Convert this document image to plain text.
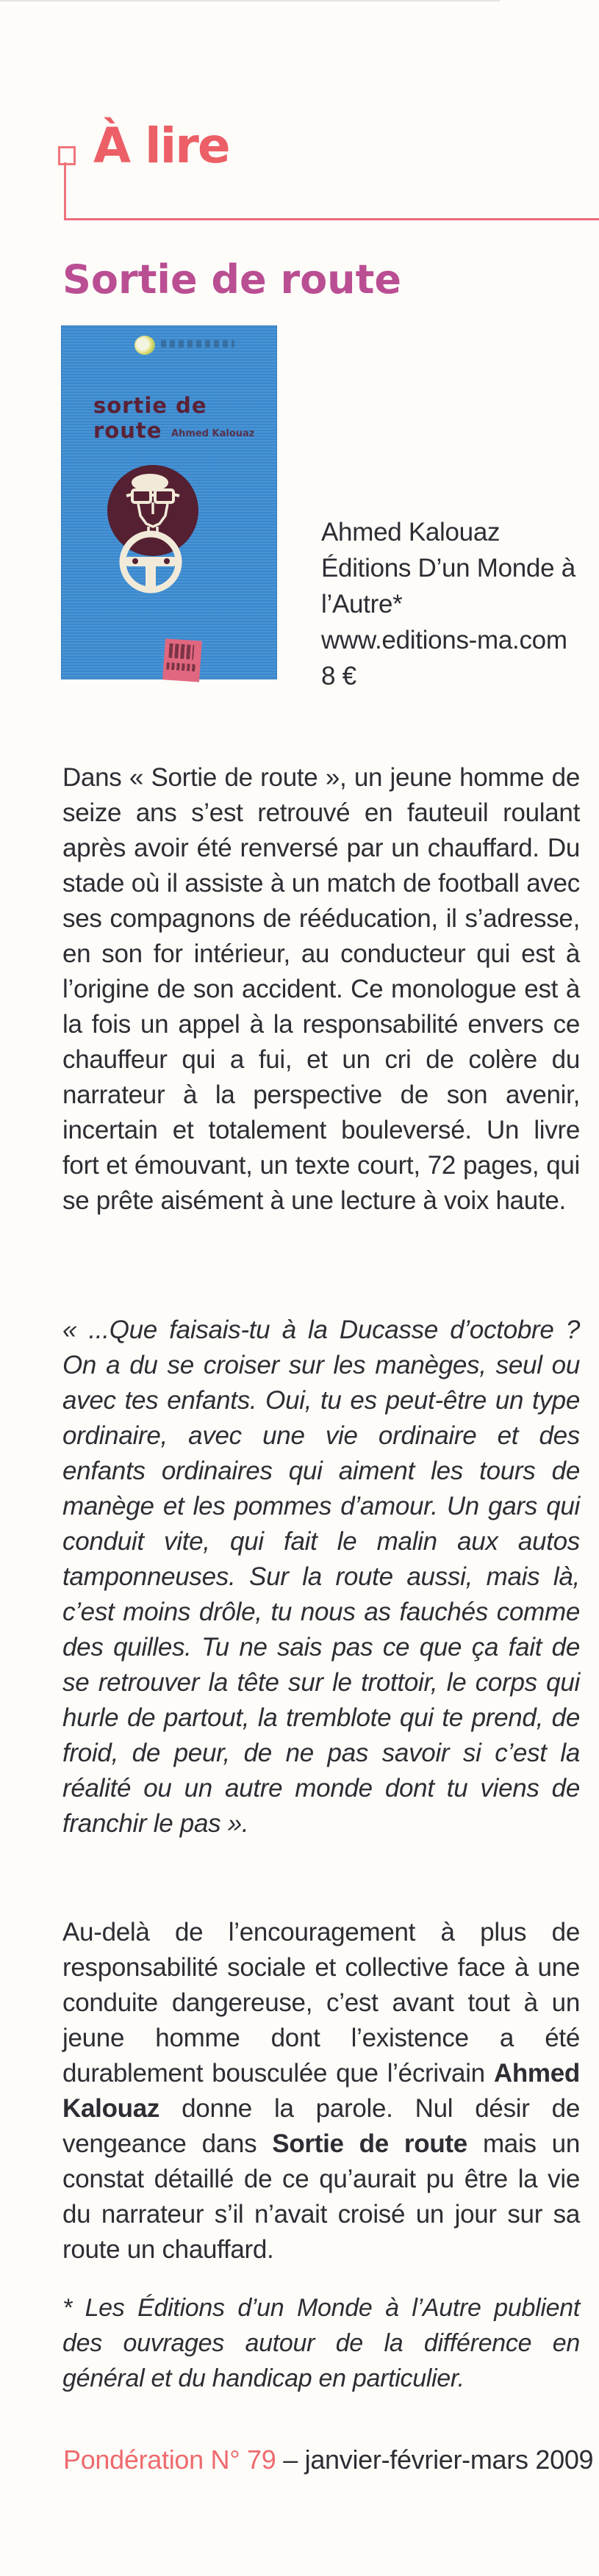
À lire
Sortie de route
sortie de route Ahmed Kalouaz
Ahmed Kalouaz
Éditions D’un Monde à l’Autre*
www.editions-ma.com
8 €

Dans « Sortie de route », un jeune homme de seize ans s’est retrouvé en fauteuil roulant après avoir été renversé par un chauffard. Du stade où il assiste à un match de football avec ses compagnons de rééducation, il s’adresse, en son for intérieur, au conducteur qui est à l’origine de son accident. Ce monologue est à la fois un appel à la responsabilité envers ce chauffeur qui a fui, et un cri de colère du narrateur à la perspective de son avenir, incertain et totalement bouleversé. Un livre fort et émouvant, un texte court, 72 pages, qui se prête aisément à une lecture à voix haute.

« ...Que faisais-tu à la Ducasse d’octobre ? On a du se croiser sur les manèges, seul ou avec tes enfants. Oui, tu es peut-être un type ordinaire, avec une vie ordinaire et des enfants ordinaires qui aiment les tours de manège et les pommes d’amour. Un gars qui conduit vite, qui fait le malin aux autos tamponneuses. Sur la route aussi, mais là, c’est moins drôle, tu nous as fauchés comme des quilles. Tu ne sais pas ce que ça fait de se retrouver la tête sur le trottoir, le corps qui hurle de partout, la tremblote qui te prend, de froid, de peur, de ne pas savoir si c’est la réalité ou un autre monde dont tu viens de franchir le pas ».

Au-delà de l’encouragement à plus de responsabilité sociale et collective face à une conduite dangereuse, c’est avant tout à un jeune homme dont l’existence a été durablement bousculée que l’écrivain Ahmed Kalouaz donne la parole. Nul désir de vengeance dans Sortie de route mais un constat détaillé de ce qu’aurait pu être la vie du narrateur s’il n’avait croisé un jour sur sa route un chauffard.

* Les Éditions d’un Monde à l’Autre publient des ouvrages autour de la différence en général et du handicap en particulier.

Pondération N° 79 – janvier-février-mars 2009
